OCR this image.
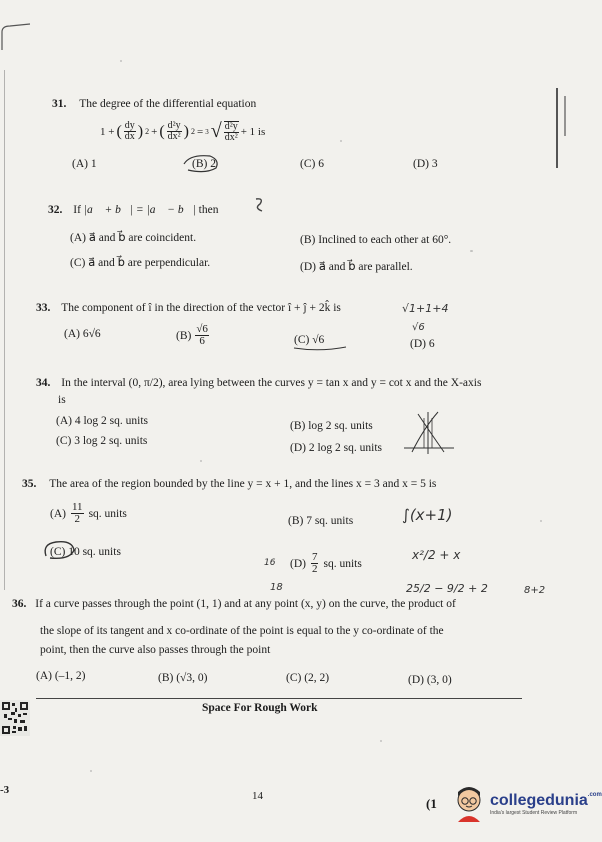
31. The degree of the differential equation
1 + ( $\frac{dy}{dx}$ ) 2 + ( $\frac{\text{d²y}}{\text{dx²}}$ ) 2 = 3 √ $\frac{\text{d²y}}{\text{dx²}} + 1$ is
(A) 1	(B) 2	(C) 6	(D) 3
32. If |a⃗ + b⃗| = |a⃗ − b⃗| then
(A) a⃗ and b⃗ are coincident.	(B) Inclined to each other at 60°.
(C) a⃗ and b⃗ are perpendicular.	(D) a⃗ and b⃗ are parallel.
33. The component of î in the direction of the vector î + ĵ + 2k̂ is	√1+1+4
(A) 6√6	$(B) \frac{√6}{6}$	(C) √6
√6
(D) 6
34. In the interval (0, π/2), area lying between the curves y = tan x and y = cot x and the X-axis
is
(A) 4 log 2 sq. units	(B) log 2 sq. units
(C) 3 log 2 sq. units
(D) 2 log 2 sq. units
35. The area of the region bounded by the line y = x + 1, and the lines x = 3 and x = 5 is
$(A) \frac{11}{2}$ sq. units
(B) 7 sq. units	∫(x+1)
(C) 10 sq. units
$(D) \frac{7}{2}$ sq. units
16
18
x²/2 + x
25/2 − 9/2 + 2	8+2
36. If a curve passes through the point (1, 1) and at any point (x, y) on the curve, the product of
the slope of its tangent and x co-ordinate of the point is equal to the y co-ordinate of the
point, then the curve also passes through the point
(A) (–1, 2)	(B) (√3, 0)	(C) (2, 2)	(D) (3, 0)
Space For Rough Work
-3	14	(1	collegedunia$^{.com}$
India's largest Student Review Platform
